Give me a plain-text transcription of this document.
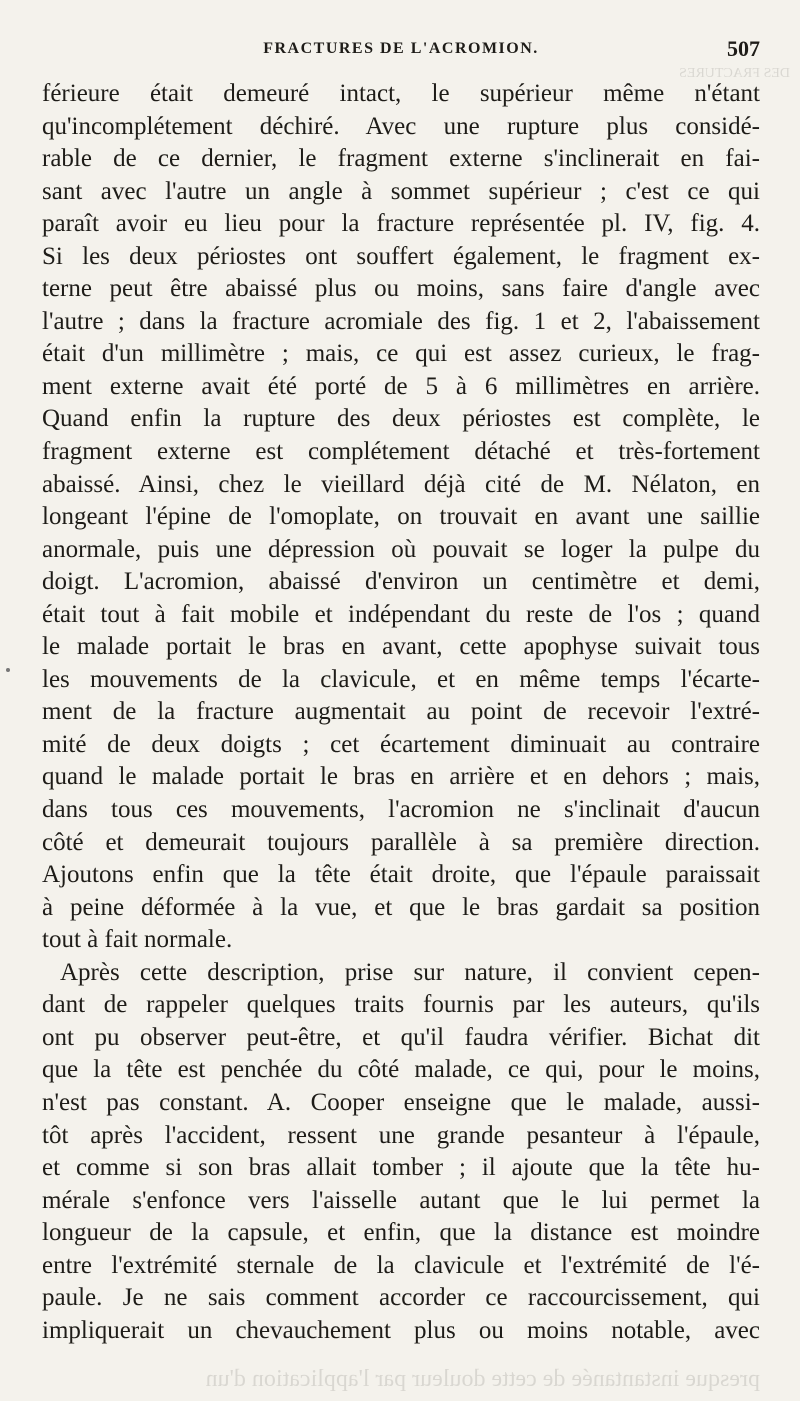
FRACTURES DE L'ACROMION.	507
DES FRACTURES
férieure était demeuré intact, le supérieur même n'étant
qu'incomplétement déchiré. Avec une rupture plus considé-
rable de ce dernier, le fragment externe s'inclinerait en fai-
sant avec l'autre un angle à sommet supérieur ; c'est ce qui
paraît avoir eu lieu pour la fracture représentée pl. IV, fig. 4.
Si les deux périostes ont souffert également, le fragment ex-
terne peut être abaissé plus ou moins, sans faire d'angle avec
l'autre ; dans la fracture acromiale des fig. 1 et 2, l'abaissement
était d'un millimètre ; mais, ce qui est assez curieux, le frag-
ment externe avait été porté de 5 à 6 millimètres en arrière.
Quand enfin la rupture des deux périostes est complète, le
fragment externe est complétement détaché et très-fortement
abaissé. Ainsi, chez le vieillard déjà cité de M. Nélaton, en
longeant l'épine de l'omoplate, on trouvait en avant une saillie
anormale, puis une dépression où pouvait se loger la pulpe du
doigt. L'acromion, abaissé d'environ un centimètre et demi,
était tout à fait mobile et indépendant du reste de l'os ; quand
le malade portait le bras en avant, cette apophyse suivait tous
les mouvements de la clavicule, et en même temps l'écarte-
ment de la fracture augmentait au point de recevoir l'extré-
mité de deux doigts ; cet écartement diminuait au contraire
quand le malade portait le bras en arrière et en dehors ; mais,
dans tous ces mouvements, l'acromion ne s'inclinait d'aucun
côté et demeurait toujours parallèle à sa première direction.
Ajoutons enfin que la tête était droite, que l'épaule paraissait
à peine déformée à la vue, et que le bras gardait sa position
tout à fait normale.
Après cette description, prise sur nature, il convient cepen-
dant de rappeler quelques traits fournis par les auteurs, qu'ils
ont pu observer peut-être, et qu'il faudra vérifier. Bichat dit
que la tête est penchée du côté malade, ce qui, pour le moins,
n'est pas constant. A. Cooper enseigne que le malade, aussi-
tôt après l'accident, ressent une grande pesanteur à l'épaule,
et comme si son bras allait tomber ; il ajoute que la tête hu-
mérale s'enfonce vers l'aisselle autant que le lui permet la
longueur de la capsule, et enfin, que la distance est moindre
entre l'extrémité sternale de la clavicule et l'extrémité de l'é-
paule. Je ne sais comment accorder ce raccourcissement, qui
impliquerait un chevauchement plus ou moins notable, avec
presque instantanée de cette douleur par l'application d'un
